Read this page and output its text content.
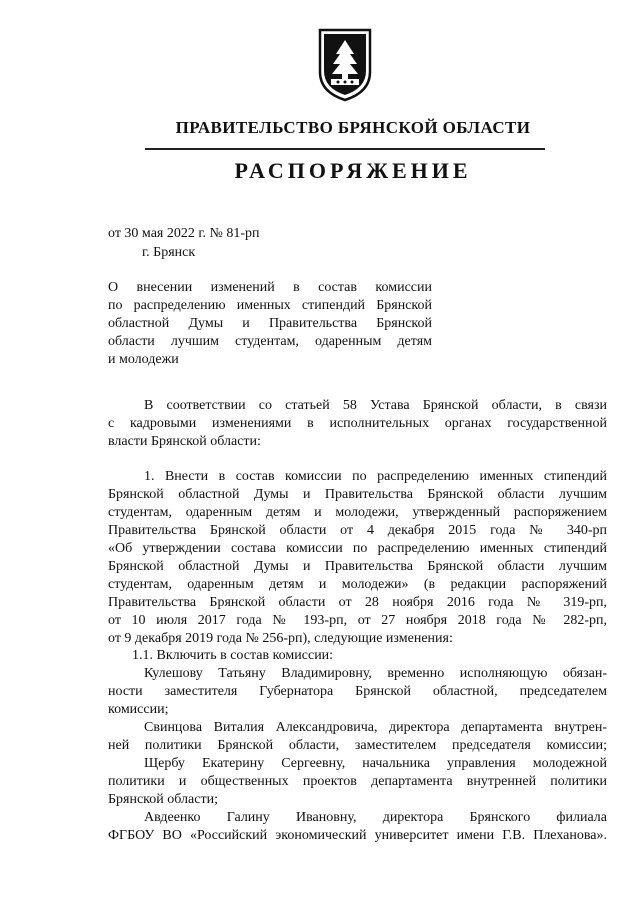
ПРАВИТЕЛЬСТВО БРЯНСКОЙ ОБЛАСТИ
РАСПОРЯЖЕНИЕ
от 30 мая 2022 г. № 81-рп
г. Брянск
О внесении изменений в состав комиссии
по распределению именных стипендий Брянской
областной Думы и Правительства Брянской
области лучшим студентам, одаренным детям
и молодежи
В соответствии со статьей 58 Устава Брянской области, в связи
с кадровыми изменениями в исполнительных органах государственной
власти Брянской области:
1. Внести в состав комиссии по распределению именных стипендий
Брянской областной Думы и Правительства Брянской области лучшим
студентам, одаренным детям и молодежи, утвержденный распоряжением
Правительства Брянской области от 4 декабря 2015 года № 340-рп
«Об утверждении состава комиссии по распределению именных стипендий
Брянской областной Думы и Правительства Брянской области лучшим
студентам, одаренным детям и молодежи» (в редакции распоряжений
Правительства Брянской области от 28 ноября 2016 года № 319-рп,
от 10 июля 2017 года № 193-рп, от 27 ноября 2018 года № 282-рп,
от 9 декабря 2019 года № 256-рп), следующие изменения:
1.1. Включить в состав комиссии:
Кулешову Татьяну Владимировну, временно исполняющую обязан-
ности заместителя Губернатора Брянской областной, председателем
комиссии;
Свинцова Виталия Александровича, директора департамента внутрен-
ней политики Брянской области, заместителем председателя комиссии;
Щербу Екатерину Сергеевну, начальника управления молодежной
политики и общественных проектов департамента внутренней политики
Брянской области;
Авдеенко Галину Ивановну, директора Брянского филиала
ФГБОУ ВО «Российский экономический университет имени Г.В. Плеханова».
